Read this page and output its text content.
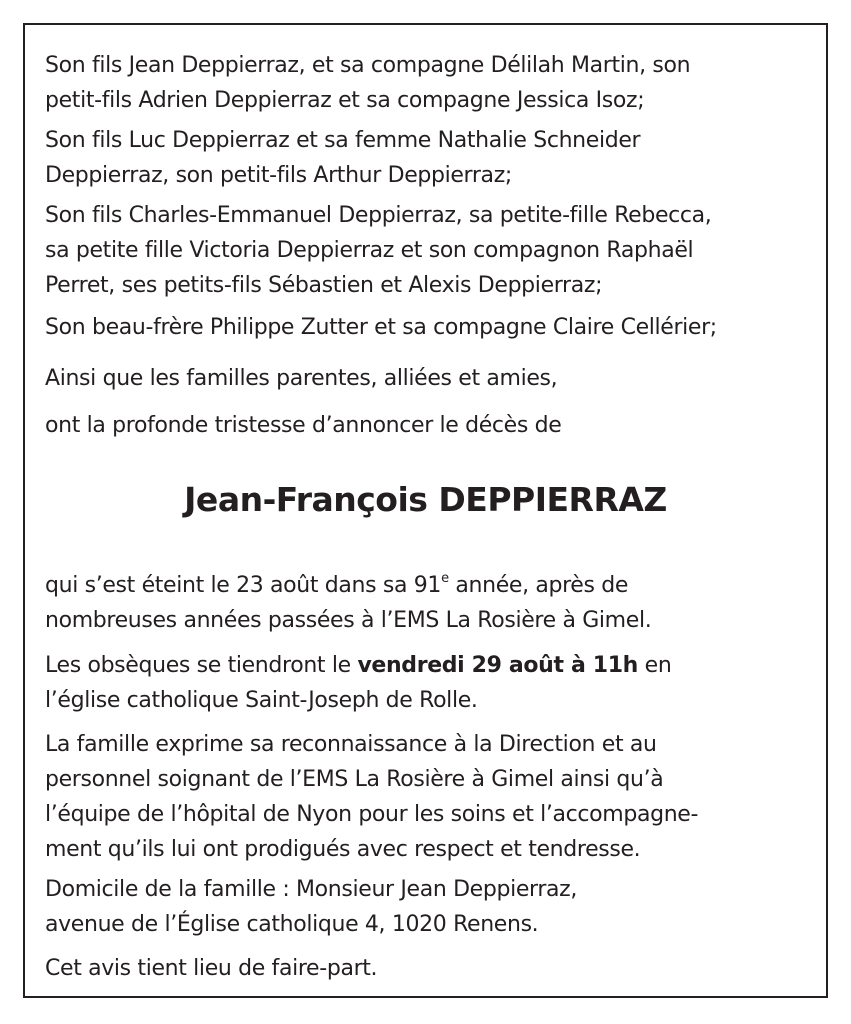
Son fils Jean Deppierraz, et sa compagne Délilah Martin, son
petit-fils Adrien Deppierraz et sa compagne Jessica Isoz;

Son fils Luc Deppierraz et sa femme Nathalie Schneider
Deppierraz, son petit-fils Arthur Deppierraz;

Son fils Charles-Emmanuel Deppierraz, sa petite-fille Rebecca,
sa petite fille Victoria Deppierraz et son compagnon Raphaël
Perret, ses petits-fils Sébastien et Alexis Deppierraz;

Son beau-frère Philippe Zutter et sa compagne Claire Cellérier;

Ainsi que les familles parentes, alliées et amies,

ont la profonde tristesse d’annoncer le décès de

Jean-François DEPPIERRAZ

qui s’est éteint le 23 août dans sa 91e année, après de
nombreuses années passées à l’EMS La Rosière à Gimel.

Les obsèques se tiendront le vendredi 29 août à 11h en
l’église catholique Saint-Joseph de Rolle.

La famille exprime sa reconnaissance à la Direction et au
personnel soignant de l’EMS La Rosière à Gimel ainsi qu’à
l’équipe de l’hôpital de Nyon pour les soins et l’accompagne-
ment qu’ils lui ont prodigués avec respect et tendresse.

Domicile de la famille : Monsieur Jean Deppierraz,
avenue de l’Église catholique 4, 1020 Renens.

Cet avis tient lieu de faire-part.
